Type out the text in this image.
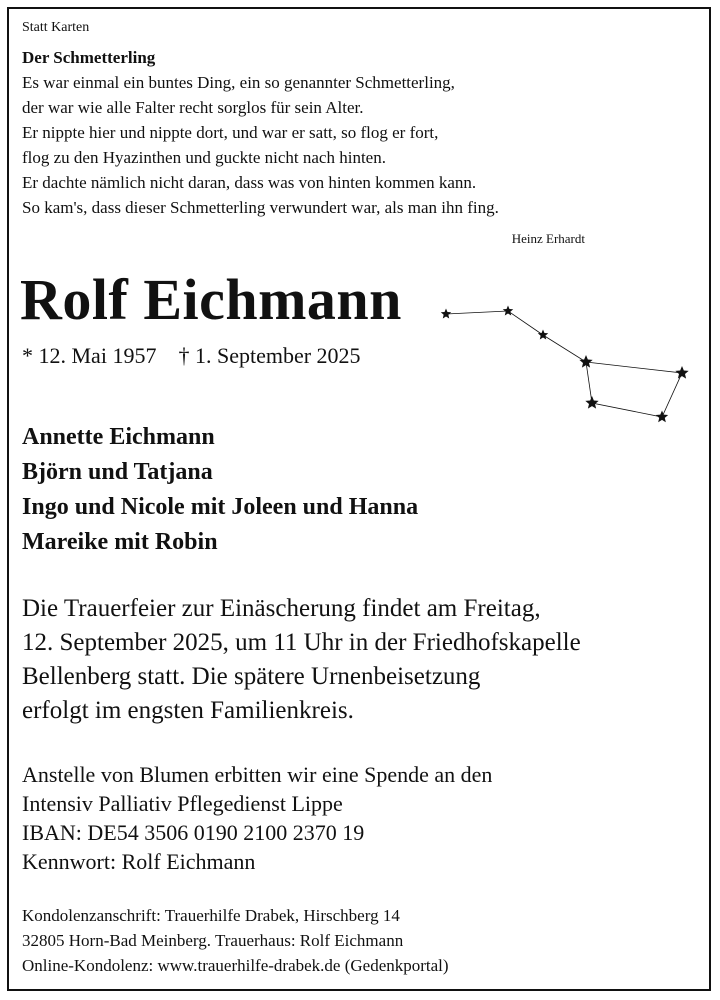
Statt Karten
Der Schmetterling
Es war einmal ein buntes Ding, ein so genannter Schmetterling,
der war wie alle Falter recht sorglos für sein Alter.
Er nippte hier und nippte dort, und war er satt, so flog er fort,
flog zu den Hyazinthen und guckte nicht nach hinten.
Er dachte nämlich nicht daran, dass was von hinten kommen kann.
So kam's, dass dieser Schmetterling verwundert war, als man ihn fing.
Heinz Erhardt
Rolf Eichmann
* 12. Mai 1957 † 1. September 2025
Annette Eichmann
Björn und Tatjana
Ingo und Nicole mit Joleen und Hanna
Mareike mit Robin
Die Trauerfeier zur Einäscherung findet am Freitag,
12. September 2025, um 11 Uhr in der Friedhofskapelle
Bellenberg statt. Die spätere Urnenbeisetzung
erfolgt im engsten Familienkreis.
Anstelle von Blumen erbitten wir eine Spende an den
Intensiv Palliativ Pflegedienst Lippe
IBAN: DE54 3506 0190 2100 2370 19
Kennwort: Rolf Eichmann
Kondolenzanschrift: Trauerhilfe Drabek, Hirschberg 14
32805 Horn-Bad Meinberg. Trauerhaus: Rolf Eichmann
Online-Kondolenz: www.trauerhilfe-drabek.de (Gedenkportal)
